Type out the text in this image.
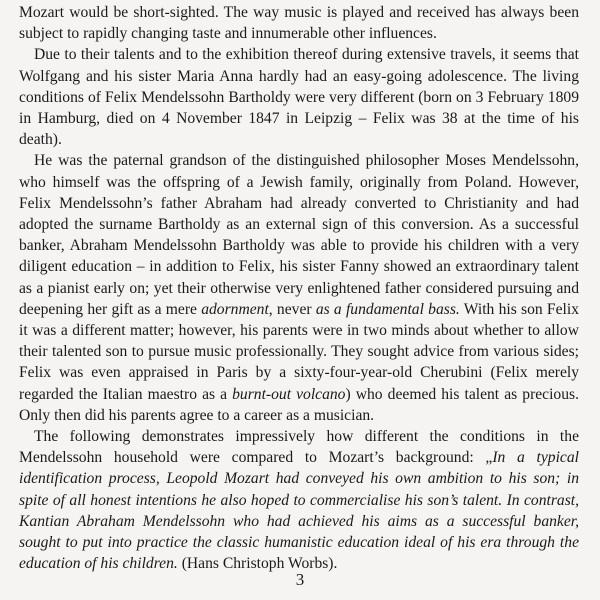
Mozart would be short-sighted. The way music is played and received has always been subject to rapidly changing taste and innumerable other influences.

Due to their talents and to the exhibition thereof during extensive travels, it seems that Wolfgang and his sister Maria Anna hardly had an easy-going adolescence. The living conditions of Felix Mendelssohn Bartholdy were very different (born on 3 February 1809 in Hamburg, died on 4 November 1847 in Leipzig – Felix was 38 at the time of his death).

He was the paternal grandson of the distinguished philosopher Moses Mendelssohn, who himself was the offspring of a Jewish family, originally from Poland. However, Felix Mendelssohn’s father Abraham had already converted to Christianity and had adopted the surname Bartholdy as an external sign of this conversion. As a successful banker, Abraham Mendelssohn Bartholdy was able to provide his children with a very diligent education – in addition to Felix, his sister Fanny showed an extraordinary talent as a pianist early on; yet their otherwise very enlightened father considered pursuing and deepening her gift as a mere adornment, never as a fundamental bass. With his son Felix it was a different matter; however, his parents were in two minds about whether to allow their talented son to pursue music professionally. They sought advice from various sides; Felix was even appraised in Paris by a sixty-four-year-old Cherubini (Felix merely regarded the Italian maestro as a burnt-out volcano) who deemed his talent as precious. Only then did his parents agree to a career as a musician.

The following demonstrates impressively how different the conditions in the Mendelssohn household were compared to Mozart’s background: „In a typical identification process, Leopold Mozart had conveyed his own ambition to his son; in spite of all honest intentions he also hoped to commercialise his son’s talent. In contrast, Kantian Abraham Mendelssohn who had achieved his aims as a successful banker, sought to put into practice the classic humanistic education ideal of his era through the education of his children. (Hans Christoph Worbs).

3
